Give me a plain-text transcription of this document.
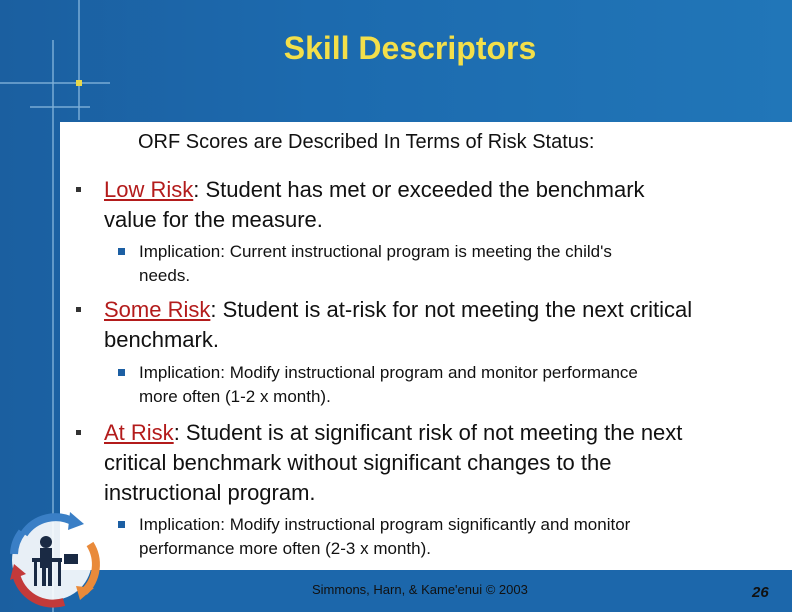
Skill Descriptors
ORF Scores are Described In Terms of Risk Status:
Low Risk: Student has met or exceeded the benchmark
value for the measure.
Implication: Current instructional program is meeting the child's
needs.
Some Risk: Student is at-risk for not meeting the next critical
benchmark.
Implication: Modify instructional program and monitor performance
more often (1-2 x month).
At Risk: Student is at significant risk of not meeting the next
critical benchmark without significant changes to the
instructional program.
Implication: Modify instructional program significantly and monitor
performance more often (2-3 x month).
Simmons, Harn, & Kame'enui © 2003	26
